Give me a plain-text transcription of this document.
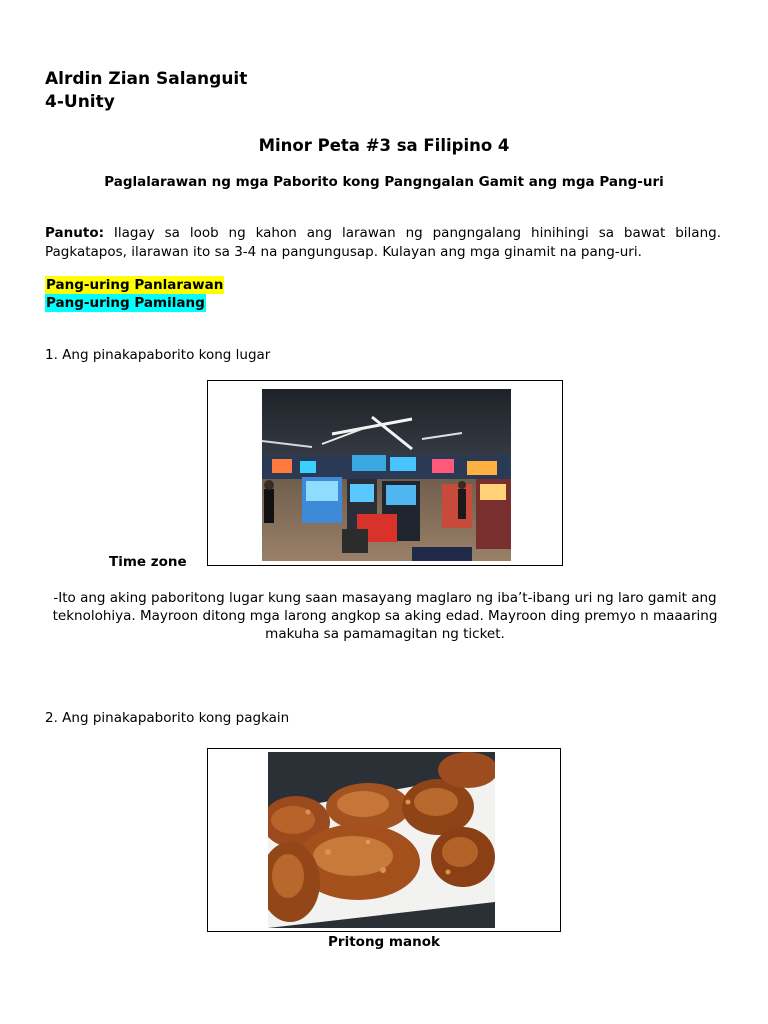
Alrdin Zian Salanguit
4-Unity
Minor Peta #3 sa Filipino 4
Paglalarawan ng mga Paborito kong Pangngalan Gamit ang mga Pang-uri
Panuto: Ilagay sa loob ng kahon ang larawan ng pangngalang hinihingi sa bawat bilang. Pagkatapos, ilarawan ito sa 3-4 na pangungusap. Kulayan ang mga ginamit na pang-uri.
Pang-uring Panlarawan
Pang-uring Pamilang
1. Ang pinakapaborito kong lugar
Time zone
-Ito ang aking paboritong lugar kung saan masayang maglaro ng iba’t-ibang uri ng laro gamit ang teknolohiya. Mayroon ditong mga larong angkop sa aking edad. Mayroon ding premyo n maaaring makuha sa pamamagitan ng ticket.
2. Ang pinakapaborito kong pagkain
Pritong manok
